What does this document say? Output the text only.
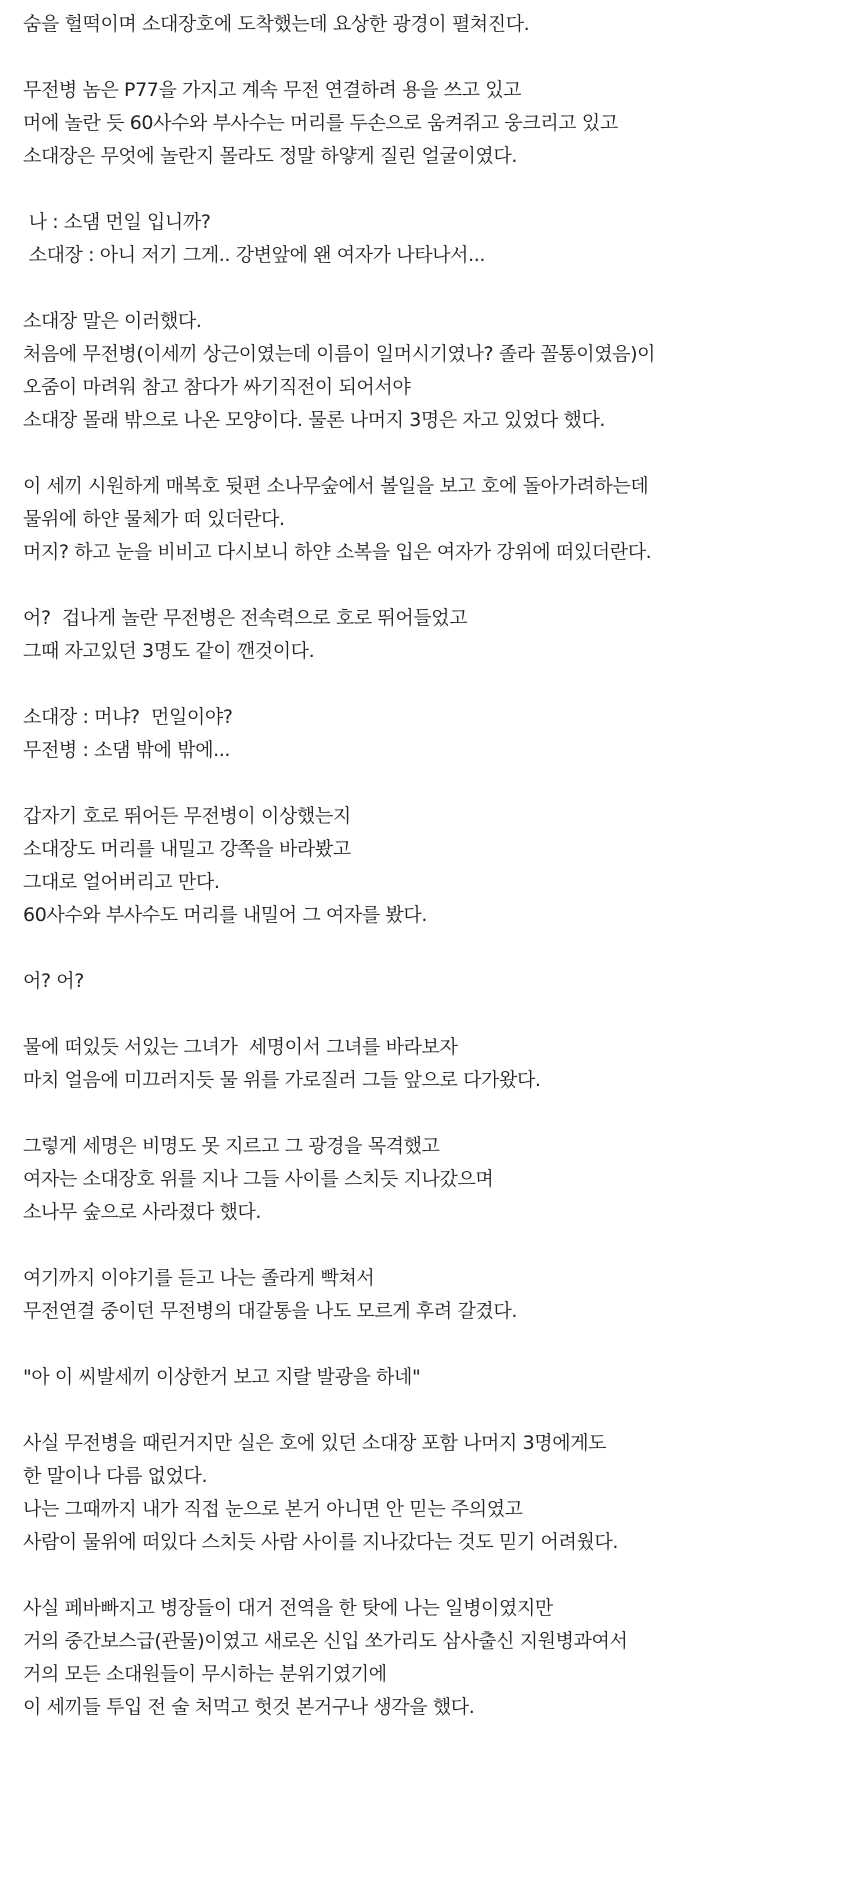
숨을 헐떡이며 소대장호에 도착했는데 요상한 광경이 펼쳐진다.
무전병 놈은 P77을 가지고 계속 무전 연결하려 용을 쓰고 있고
머에 놀란 듯 60사수와 부사수는 머리를 두손으로 움켜쥐고 웅크리고 있고
소대장은 무엇에 놀란지 몰라도 정말 하얗게 질린 얼굴이였다.
나 : 소댐 먼일 입니까?
소대장 : 아니 저기 그게.. 강변앞에 왠 여자가 나타나서...
소대장 말은 이러했다.
처음에 무전병(이세끼 상근이였는데 이름이 일머시기였나? 졸라 꼴통이였음)이
오줌이 마려워 참고 참다가 싸기직전이 되어서야
소대장 몰래 밖으로 나온 모양이다. 물론 나머지 3명은 자고 있었다 했다.
이 세끼 시원하게 매복호 뒷편 소나무숲에서 볼일을 보고 호에 돌아가려하는데
물위에 하얀 물체가 떠 있더란다.
머지? 하고 눈을 비비고 다시보니 하얀 소복을 입은 여자가 강위에 떠있더란다.
어?  겁나게 놀란 무전병은 전속력으로 호로 뛰어들었고
그때 자고있던 3명도 같이 깬것이다.
소대장 : 머냐?  먼일이야?
무전병 : 소댐 밖에 밖에...
갑자기 호로 뛰어든 무전병이 이상했는지
소대장도 머리를 내밀고 강쪽을 바라봤고
그대로 얼어버리고 만다.
60사수와 부사수도 머리를 내밀어 그 여자를 봤다.
어? 어?
물에 떠있듯 서있는 그녀가  세명이서 그녀를 바라보자
마치 얼음에 미끄러지듯 물 위를 가로질러 그들 앞으로 다가왔다.
그렇게 세명은 비명도 못 지르고 그 광경을 목격했고
여자는 소대장호 위를 지나 그들 사이를 스치듯 지나갔으며
소나무 숲으로 사라졌다 했다.
여기까지 이야기를 듣고 나는 졸라게 빡쳐서
무전연결 중이던 무전병의 대갈통을 나도 모르게 후려 갈겼다.
"아 이 씨발세끼 이상한거 보고 지랄 발광을 하네"
사실 무전병을 때린거지만 실은 호에 있던 소대장 포함 나머지 3명에게도
한 말이나 다름 없었다.
나는 그때까지 내가 직접 눈으로 본거 아니면 안 믿는 주의였고
사람이 물위에 떠있다 스치듯 사람 사이를 지나갔다는 것도 믿기 어려웠다.
사실 페바빠지고 병장들이 대거 전역을 한 탓에 나는 일병이였지만
거의 중간보스급(관물)이였고 새로온 신입 쏘가리도 삼사출신 지원병과여서
거의 모든 소대원들이 무시하는 분위기였기에
이 세끼들 투입 전 술 처먹고 헛것 본거구나 생각을 했다.
